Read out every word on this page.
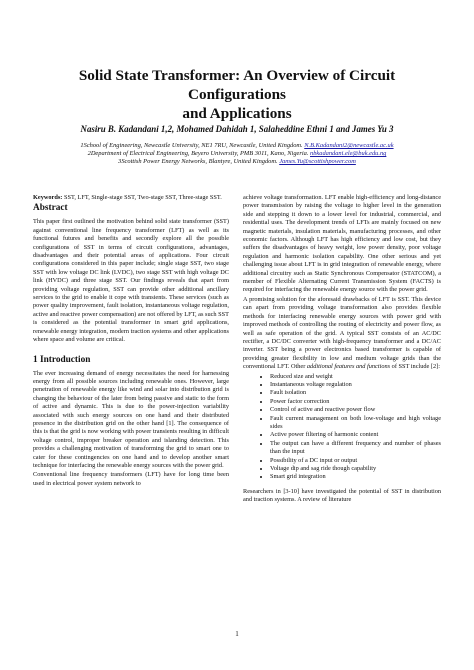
Solid State Transformer: An Overview of Circuit Configurations
and Applications
Nasiru B. Kadandani 1,2, Mohamed Dahidah 1, Salaheddine Ethni 1 and James Yu 3
1School of Engineering, Newcastle University, NE1 7RU, Newcastle, United Kingdom. N.B.Kadandani2@newcastle.ac.uk
2Department of Electrical Engineering, Beyero University, PMB 3011, Kano, Nigeria. nbkadandani.ele@buk.edu.ng
3Scottish Power Energy Networks, Blantyre, United Kingdom. James.Yu@scottishpower.com

Keywords: SST, LFT, Single-stage SST, Two-stage SST, Three-stage SST.

Abstract

This paper first outlined the motivation behind solid state transformer (SST) against conventional line frequency transformer (LFT) as well as its functional futures and benefits and secondly explore all the possible configurations of SST in terms of circuit configurations, advantages, disadvantages and their potential areas of applications. Four circuit configurations considered in this paper include; single stage SST, two stage SST with low voltage DC link (LVDC), two stage SST with high voltage DC link (HVDC) and three stage SST. Our findings reveals that apart from providing voltage regulation, SST can provide other additional ancillary services to the grid to enable it cope with transients. These services (such as power quality improvement, fault isolation, instantaneous voltage regulation, active and reactive power compensation) are not offered by LFT, as such SST is considered as the potential transformer in smart grid applications, renewable energy integration, modern traction systems and other applications where space and volume are critical.

1 Introduction

The ever increasing demand of energy necessitates the need for harnessing energy from all possible sources including renewable ones. However, large penetration of renewable energy like wind and solar into distribution grid is changing the behaviour of the later from being passive and static to the form of active and dynamic. This is due to the power-injection variability associated with such energy sources on one hand and their distributed presence in the distribution grid on the other hand [1]. The consequence of this is that the grid is now working with power transients resulting in difficult voltage control, improper breaker operation and islanding detection. This provides a challenging motivation of transforming the grid to smart one to cater for these contingencies on one hand and to develop another smart technique for interfacing the renewable energy sources with the power grid.

Conventional line frequency transformers (LFT) have for long time been used in electrical power system network to

achieve voltage transformation. LFT enable high-efficiency and long-distance power transmission by raising the voltage to higher level in the generation side and stepping it down to a lower level for industrial, commercial, and residential uses. The development trends of LFTs are mainly focused on new magnetic materials, insulation materials, manufacturing processes, and other economic factors. Although LFT has high efficiency and low cost, but they suffers the disadvantages of heavy weight, low power density, poor voltage regulation and harmonic isolation capability. One other serious and yet challenging issue about LFT is in grid integration of renewable energy, where additional circuitry such as Static Synchronous Compensator (STATCOM), a member of Flexible Alternating Current Transmission System (FACTS) is required for interfacing the renewable energy source with the power grid.

A promising solution for the aforesaid drawbacks of LFT is SST. This device can apart from providing voltage transformation also provides flexible methods for interfacing renewable energy sources with power grid with improved methods of controlling the routing of electricity and power flow, as well as safe operation of the grid. A typical SST consists of an AC/DC rectifier, a DC/DC converter with high-frequency transformer and a DC/AC inverter. SST being a power electronics based transformer is capable of providing greater flexibility in low and medium voltage grids than the conventional LFT. Other additional features and functions of SST include [2]:

• Reduced size and weight
• Instantaneous voltage regulation
• Fault isolation
• Power factor correction
• Control of active and reactive power flow
• Fault current management on both low-voltage and high voltage sides
• Active power filtering of harmonic content
• The output can have a different frequency and number of phases than the input
• Possibility of a DC input or output
• Voltage dip and sag ride though capability
• Smart grid integration

Researchers in [3-10] have investigated the potential of SST in distribution and traction systems. A review of literature

1
